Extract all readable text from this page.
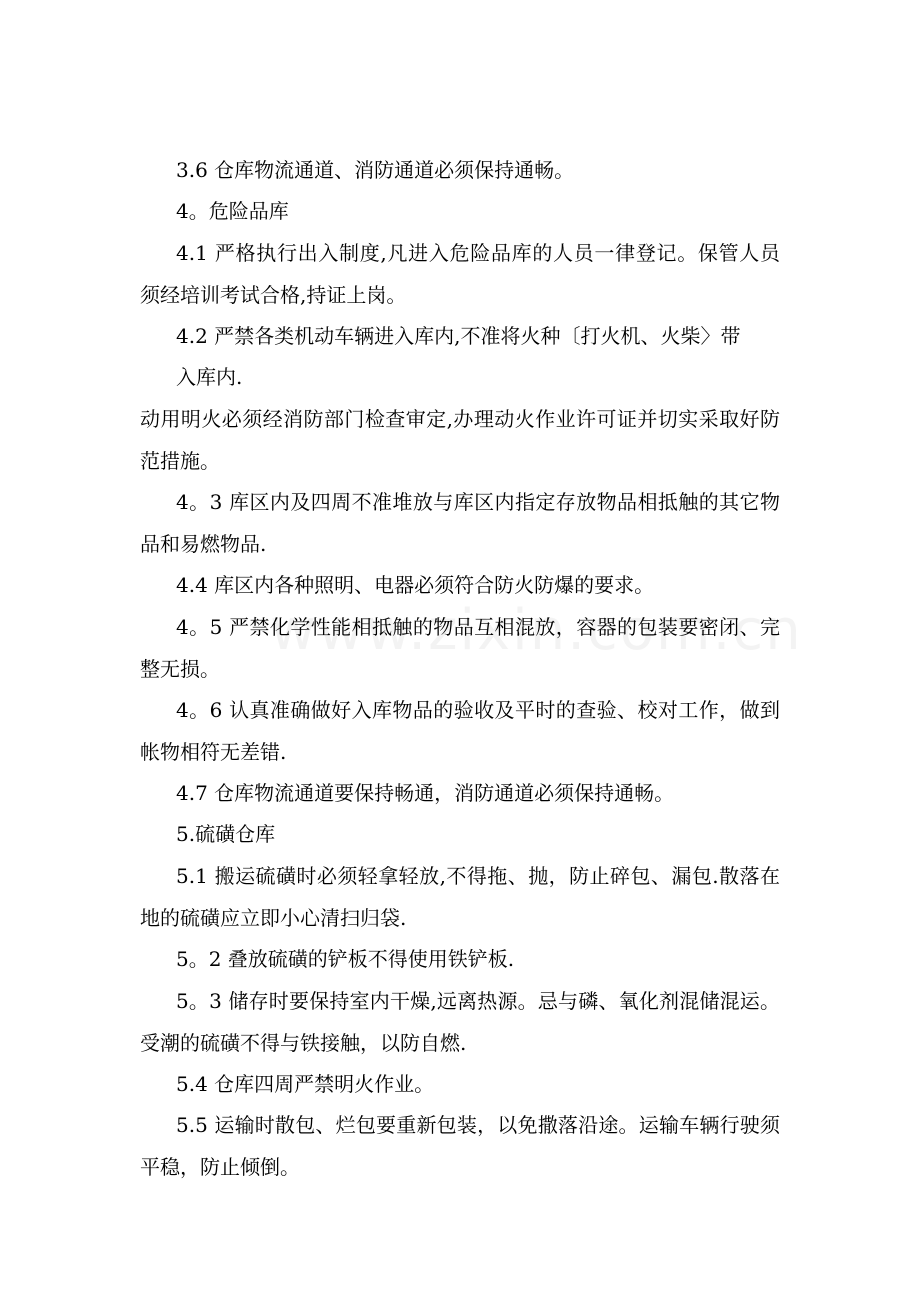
3.6 仓库物流通道、消防通道必须保持通畅。

4。危险品库

4.1 严格执行出入制度,凡进入危险品库的人员一律登记。保管人员须经培训考试合格,持证上岗。

4.2 严禁各类机动车辆进入库内,不准将火种〔打火机、火柴〉带

入库内.

动用明火必须经消防部门检查审定,办理动火作业许可证并切实采取好防范措施。

4。3 库区内及四周不准堆放与库区内指定存放物品相抵触的其它物品和易燃物品.

4.4 库区内各种照明、电器必须符合防火防爆的要求。

4。5 严禁化学性能相抵触的物品互相混放，容器的包装要密闭、完整无损。

4。6 认真准确做好入库物品的验收及平时的查验、校对工作，做到帐物相符无差错.

4.7 仓库物流通道要保持畅通，消防通道必须保持通畅。

5.硫磺仓库

5.1 搬运硫磺时必须轻拿轻放,不得拖、抛，防止碎包、漏包.散落在地的硫磺应立即小心清扫归袋.

5。2 叠放硫磺的铲板不得使用铁铲板.

5。3 储存时要保持室内干燥,远离热源。忌与磷、氧化剂混储混运。受潮的硫磺不得与铁接触，以防自燃.

5.4 仓库四周严禁明火作业。

5.5 运输时散包、烂包要重新包装，以免撒落沿途。运输车辆行驶须平稳，防止倾倒。
